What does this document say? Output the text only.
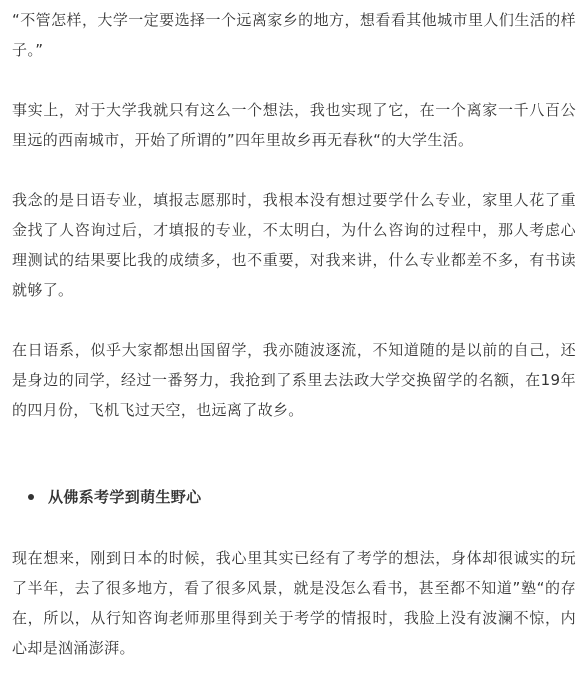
“不管怎样，大学一定要选择一个远离家乡的地方，想看看其他城市里人们生活的样子。”

事实上，对于大学我就只有这么一个想法，我也实现了它，在一个离家一千八百公里远的西南城市，开始了所谓的”四年里故乡再无春秋“的大学生活。

我念的是日语专业，填报志愿那时，我根本没有想过要学什么专业，家里人花了重金找了人咨询过后，才填报的专业，不太明白，为什么咨询的过程中，那人考虑心理测试的结果要比我的成绩多，也不重要，对我来讲，什么专业都差不多，有书读就够了。

在日语系，似乎大家都想出国留学，我亦随波逐流，不知道随的是以前的自己，还是身边的同学，经过一番努力，我抢到了系里去法政大学交换留学的名额，在19年的四月份，飞机飞过天空，也远离了故乡。

从佛系考学到萌生野心

现在想来，刚到日本的时候，我心里其实已经有了考学的想法，身体却很诚实的玩了半年，去了很多地方，看了很多风景，就是没怎么看书，甚至都不知道”塾“的存在，所以，从行知咨询老师那里得到关于考学的情报时，我脸上没有波澜不惊，内心却是汹涌澎湃。
